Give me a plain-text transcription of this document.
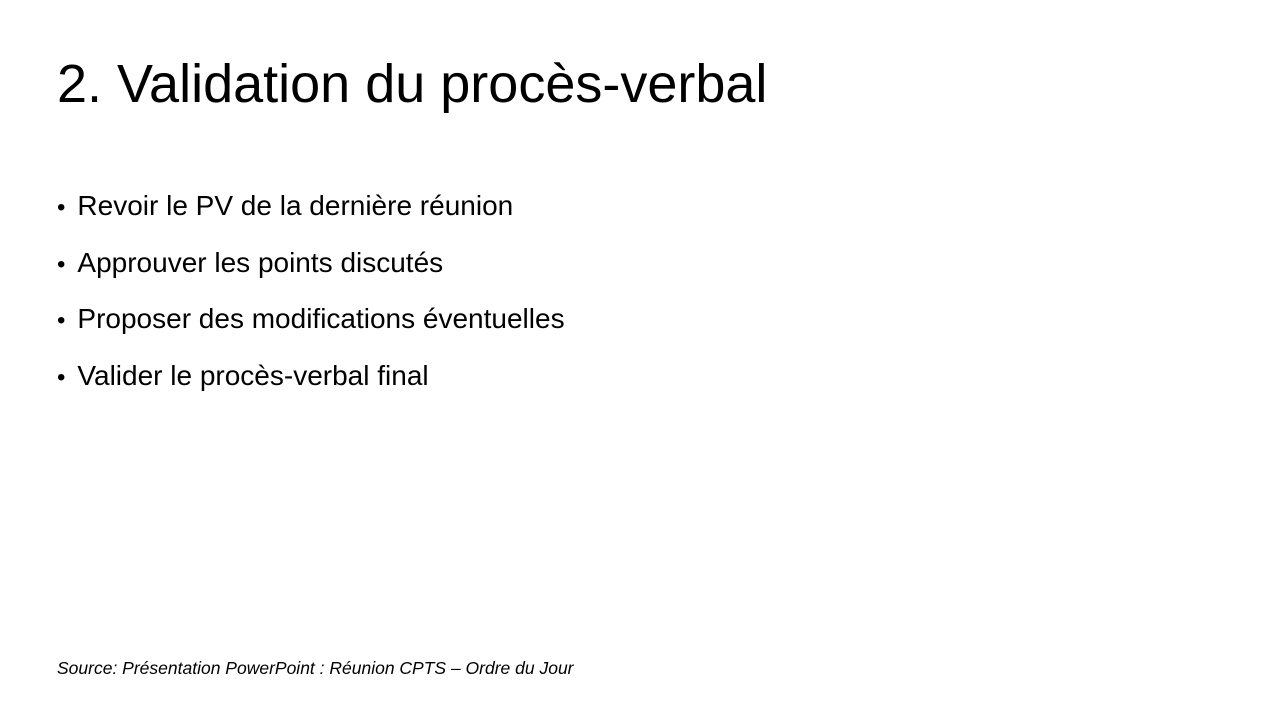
2. Validation du procès-verbal
• Revoir le PV de la dernière réunion
• Approuver les points discutés
• Proposer des modifications éventuelles
• Valider le procès-verbal final
Source: Présentation PowerPoint : Réunion CPTS – Ordre du Jour
